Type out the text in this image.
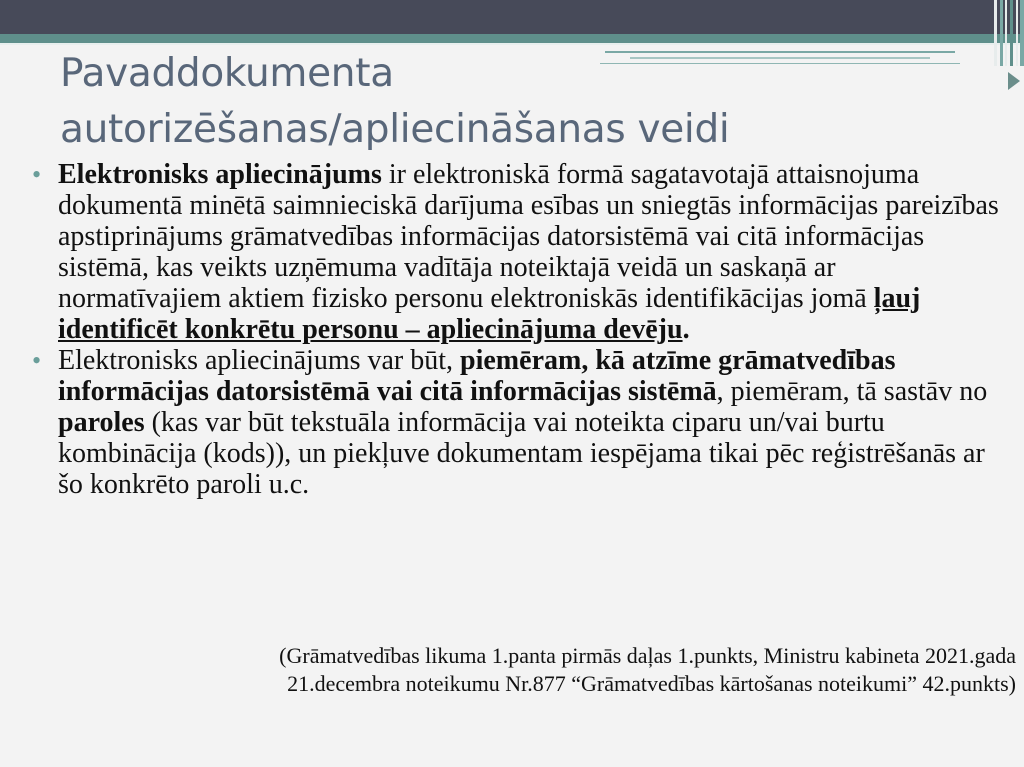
Pavaddokumenta
autorizēšanas/apliecināšanas veidi
• Elektronisks apliecinājums ir elektroniskā formā sagatavotajā attaisnojuma dokumentā minētā saimnieciskā darījuma esības un sniegtās informācijas pareizības apstiprinājums grāmatvedības informācijas datorsistēmā vai citā informācijas sistēmā, kas veikts uzņēmuma vadītāja noteiktajā veidā un saskaņā ar normatīvajiem aktiem fizisko personu elektroniskās identifikācijas jomā ļauj identificēt konkrētu personu – apliecinājuma devēju.
• Elektronisks apliecinājums var būt, piemēram, kā atzīme grāmatvedības informācijas datorsistēmā vai citā informācijas sistēmā, piemēram, tā sastāv no paroles (kas var būt tekstuāla informācija vai noteikta ciparu un/vai burtu kombinācija (kods)), un piekļuve dokumentam iespējama tikai pēc reģistrēšanās ar šo konkrēto paroli u.c.
(Grāmatvedības likuma 1.panta pirmās daļas 1.punkts, Ministru kabineta 2021.gada
21.decembra noteikumu Nr.877 “Grāmatvedības kārtošanas noteikumi” 42.punkts)
